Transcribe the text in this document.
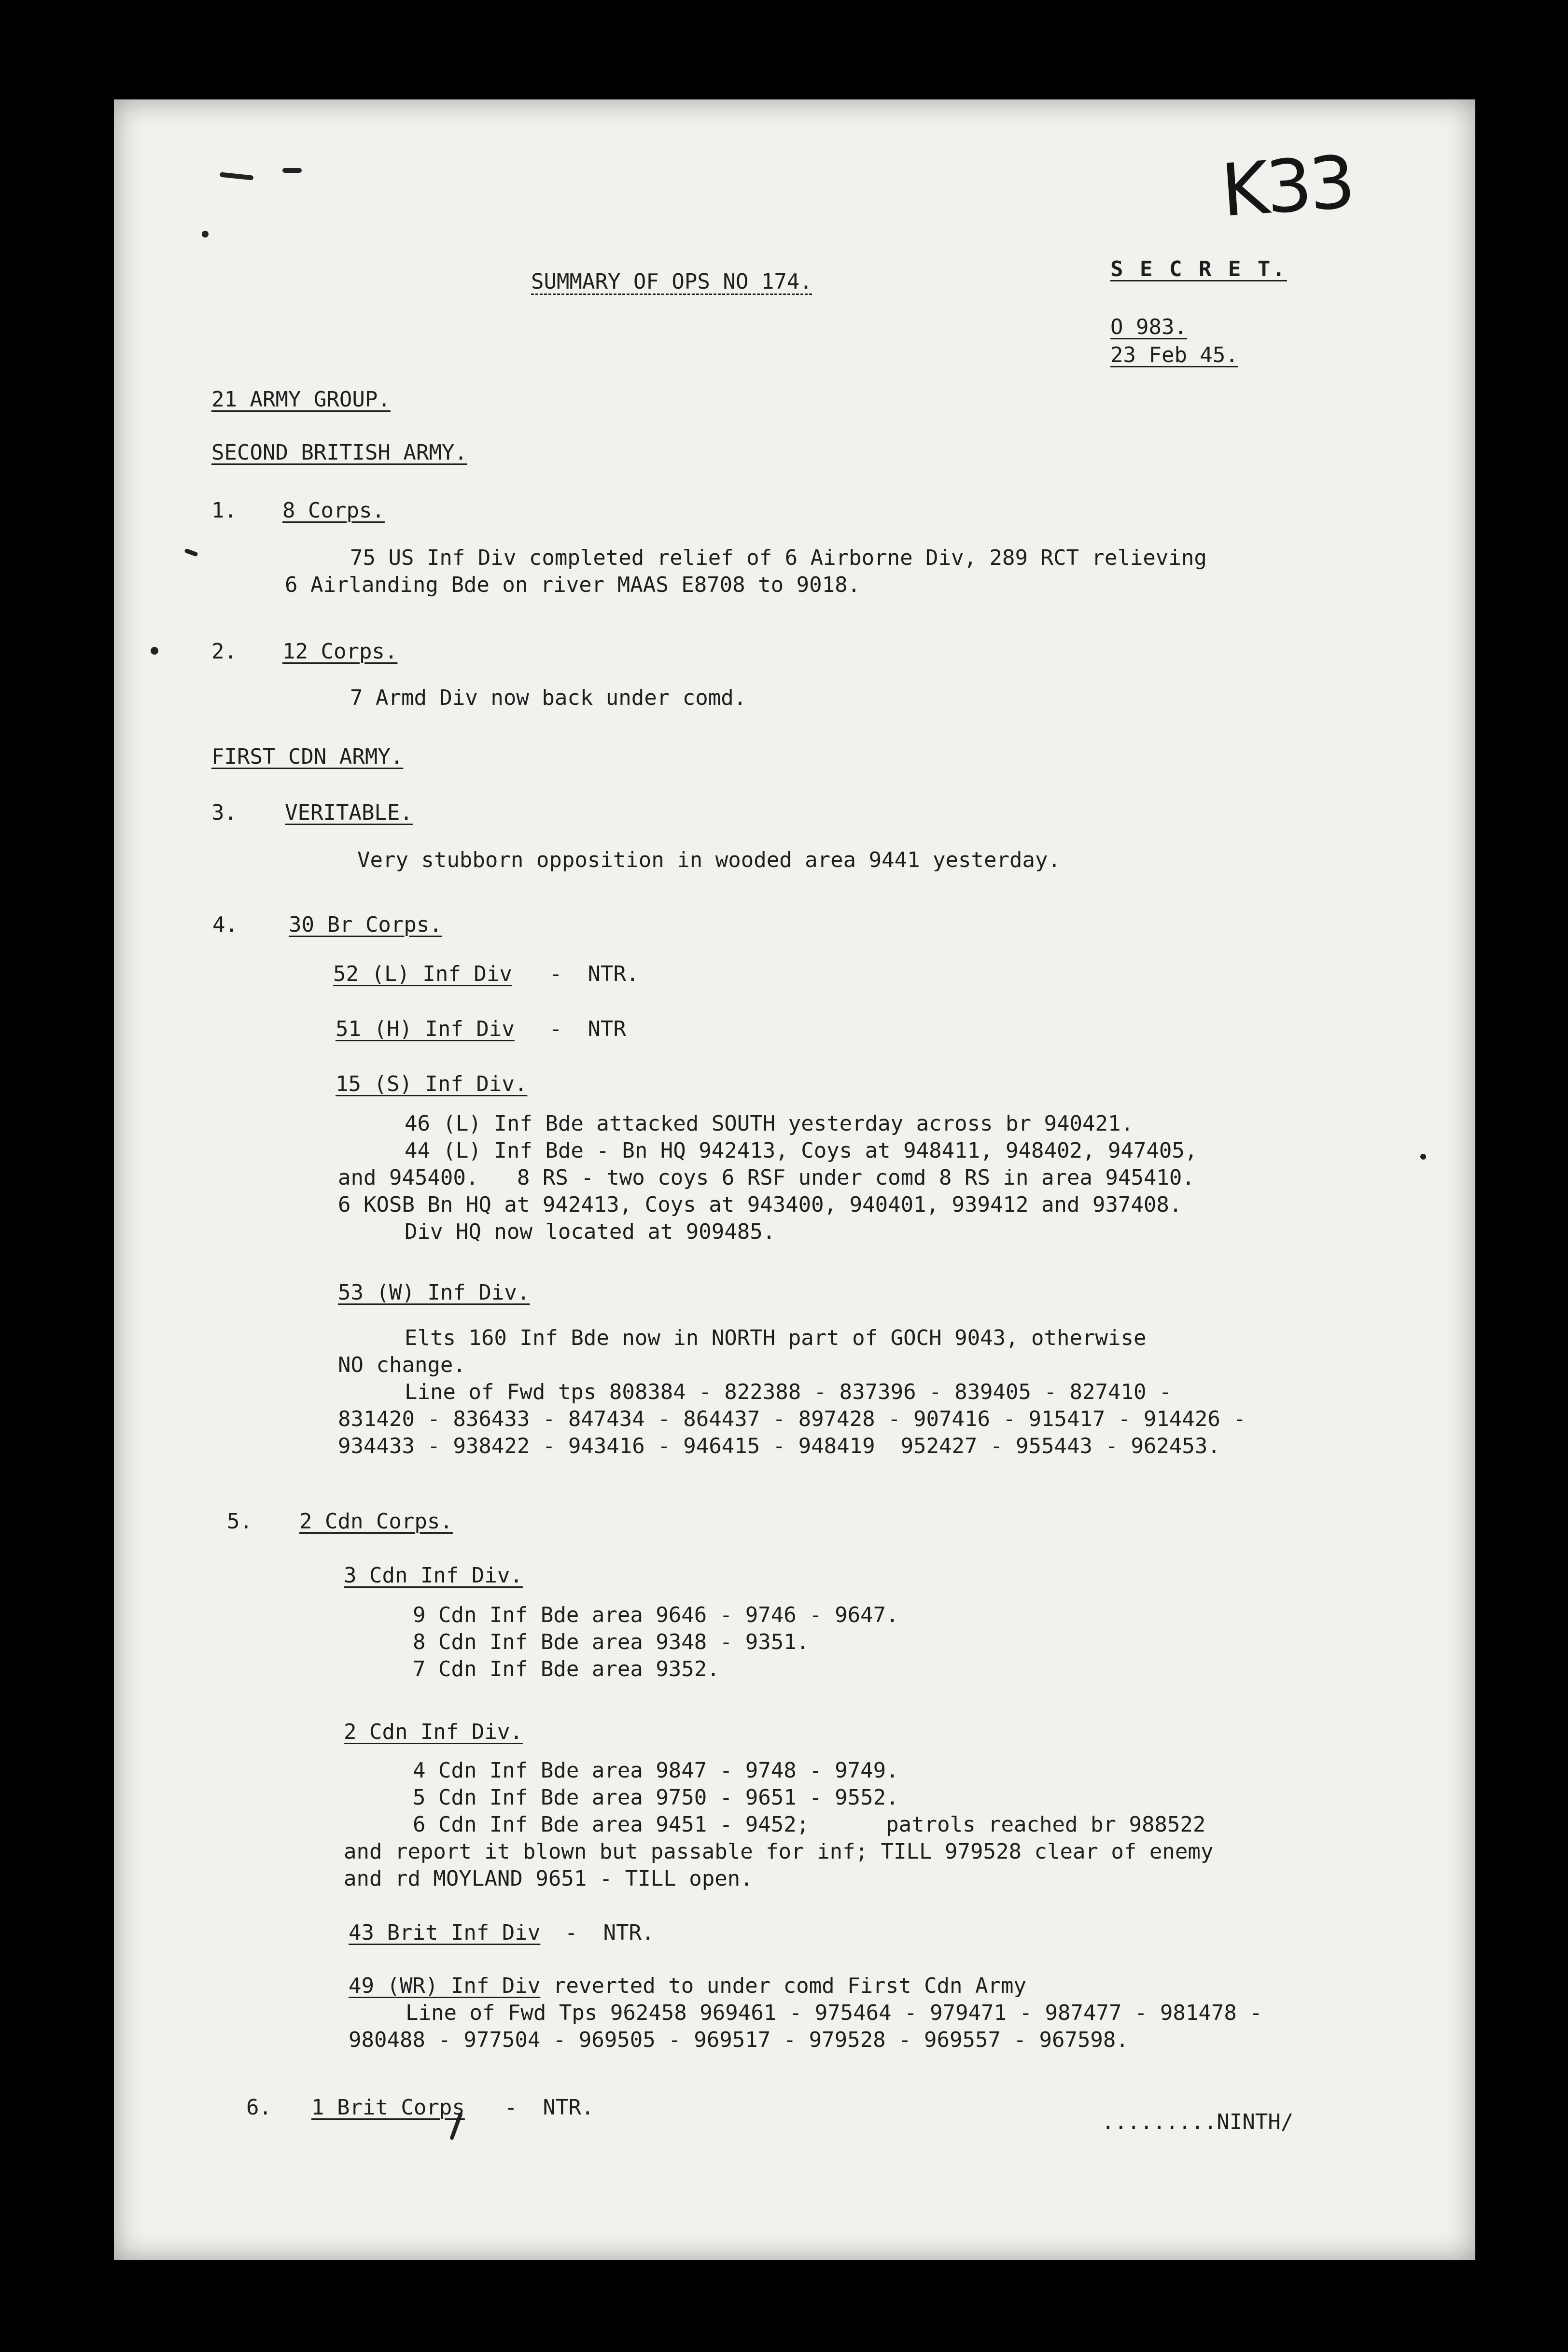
K33
SUMMARY OF OPS NO 174.
S E C R E T.
O 983.
23 Feb 45.
21 ARMY GROUP.
SECOND BRITISH ARMY.
1. 8 Corps.
75 US Inf Div completed relief of 6 Airborne Div, 289 RCT relieving
6 Airlanding Bde on river MAAS E8708 to 9018.
2. 12 Corps.
7 Armd Div now back under comd.
FIRST CDN ARMY.
3. VERITABLE.
Very stubborn opposition in wooded area 9441 yesterday.
4. 30 Br Corps.
52 (L) Inf Div -  NTR.
51 (H) Inf Div -  NTR
15 (S) Inf Div.
46 (L) Inf Bde attacked SOUTH yesterday across br 940421.
44 (L) Inf Bde - Bn HQ 942413, Coys at 948411, 948402, 947405,
and 945400.   8 RS - two coys 6 RSF under comd 8 RS in area 945410.
6 KOSB Bn HQ at 942413, Coys at 943400, 940401, 939412 and 937408.
Div HQ now located at 909485.
53 (W) Inf Div.
Elts 160 Inf Bde now in NORTH part of GOCH 9043, otherwise
NO change.
Line of Fwd tps 808384 - 822388 - 837396 - 839405 - 827410 -
831420 - 836433 - 847434 - 864437 - 897428 - 907416 - 915417 - 914426 -
934433 - 938422 - 943416 - 946415 - 948419  952427 - 955443 - 962453.
5. 2 Cdn Corps.
3 Cdn Inf Div.
9 Cdn Inf Bde area 9646 - 9746 - 9647.
8 Cdn Inf Bde area 9348 - 9351.
7 Cdn Inf Bde area 9352.
2 Cdn Inf Div.
4 Cdn Inf Bde area 9847 - 9748 - 9749.
5 Cdn Inf Bde area 9750 - 9651 - 9552.
6 Cdn Inf Bde area 9451 - 9452;      patrols reached br 988522
and report it blown but passable for inf; TILL 979528 clear of enemy
and rd MOYLAND 9651 - TILL open.
43 Brit Inf Div -  NTR.
49 (WR) Inf Div reverted to under comd First Cdn Army
Line of Fwd Tps 962458 969461 - 975464 - 979471 - 987477 - 981478 -
980488 - 977504 - 969505 - 969517 - 979528 - 969557 - 967598.
6. 1 Brit Corps -  NTR.
.........NINTH/
